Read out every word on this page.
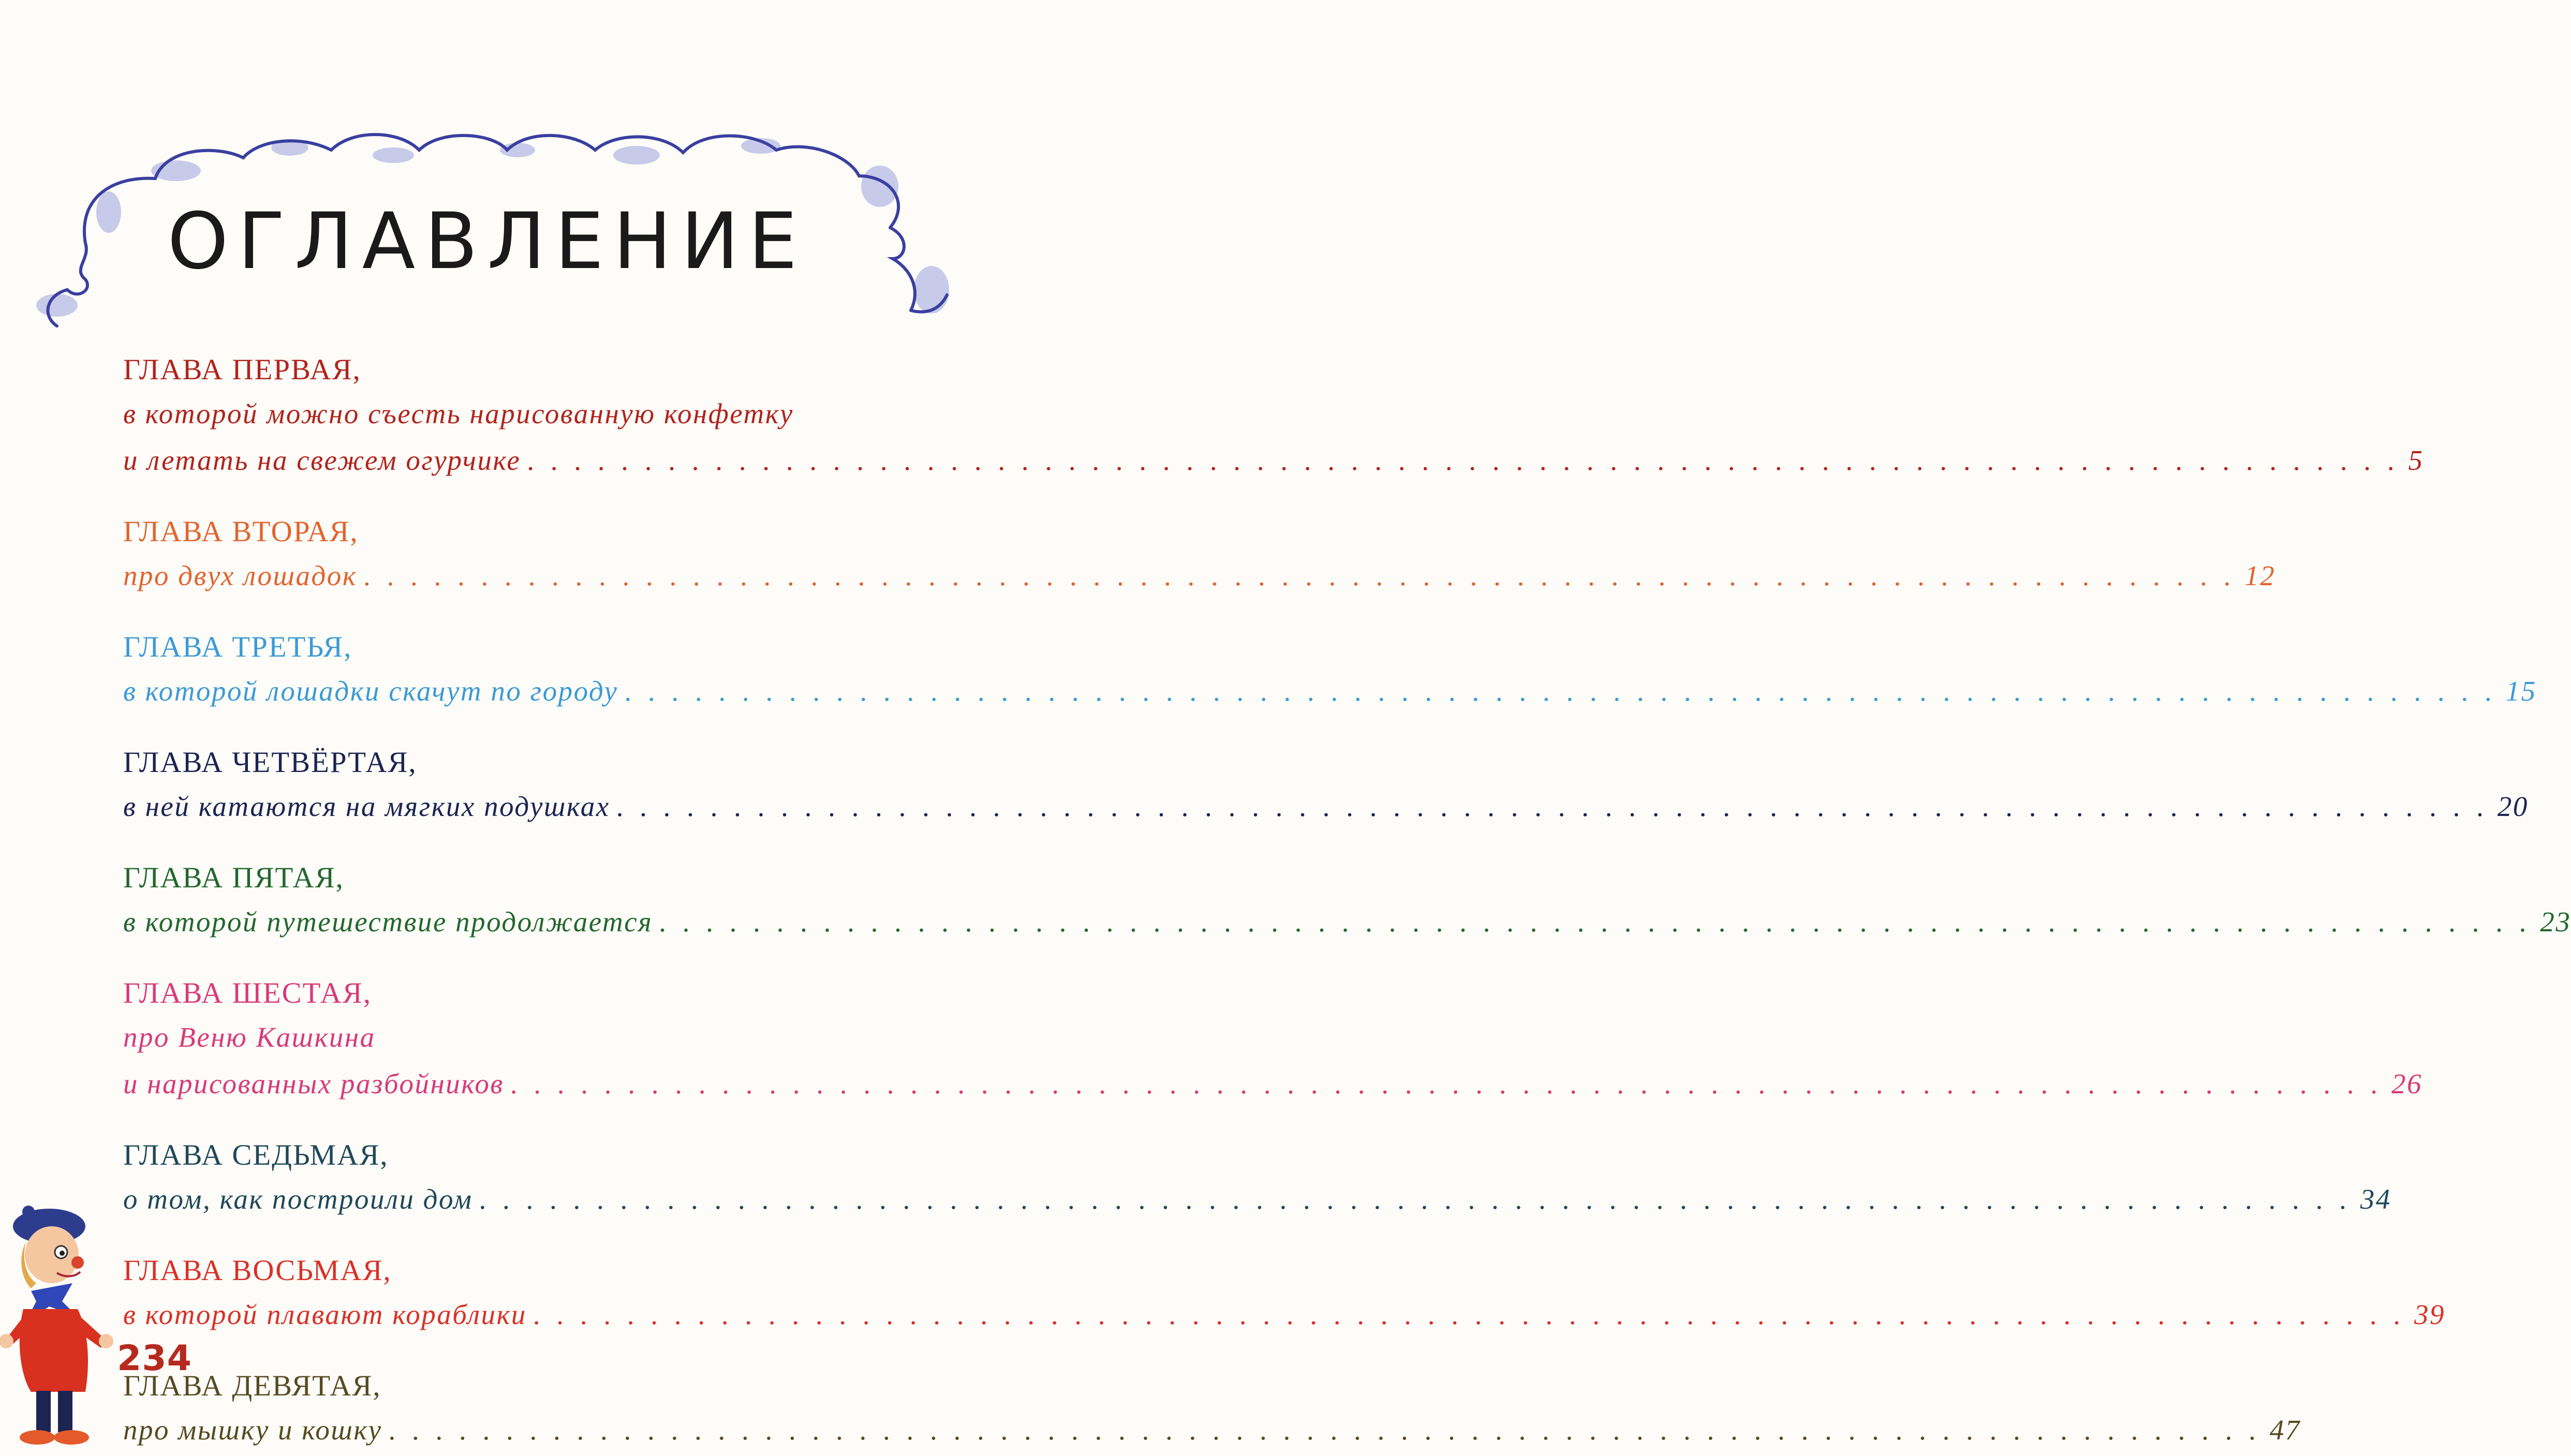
ОГЛАВЛЕНИЕ
ГЛАВА ПЕРВАЯ,
в которой можно съесть нарисованную конфетку
и летать на свежем огурчике . . . . . . . . . . . . . . . . . . . . . . . . . . . . . . . . . . . . . . . . . . . . . . . . . . . . . . . . . . . . . . . . . . . . . . . . . . . . . . . . 5
ГЛАВА ВТОРАЯ,
про двух лошадок . . . . . . . . . . . . . . . . . . . . . . . . . . . . . . . . . . . . . . . . . . . . . . . . . . . . . . . . . . . . . . . . . . . . . . . . . . . . . . . . 12
ГЛАВА ТРЕТЬЯ,
в которой лошадки скачут по городу . . . . . . . . . . . . . . . . . . . . . . . . . . . . . . . . . . . . . . . . . . . . . . . . . . . . . . . . . . . . . . . . . . . . . . . . . . . . . . . . 15
ГЛАВА ЧЕТВЁРТАЯ,
в ней катаются на мягких подушках . . . . . . . . . . . . . . . . . . . . . . . . . . . . . . . . . . . . . . . . . . . . . . . . . . . . . . . . . . . . . . . . . . . . . . . . . . . . . . . . 20
ГЛАВА ПЯТАЯ,
в которой путешествие продолжается . . . . . . . . . . . . . . . . . . . . . . . . . . . . . . . . . . . . . . . . . . . . . . . . . . . . . . . . . . . . . . . . . . . . . . . . . . . . . . . . 23
ГЛАВА ШЕСТАЯ,
про Веню Кашкина
и нарисованных разбойников . . . . . . . . . . . . . . . . . . . . . . . . . . . . . . . . . . . . . . . . . . . . . . . . . . . . . . . . . . . . . . . . . . . . . . . . . . . . . . . . 26
ГЛАВА СЕДЬМАЯ,
о том, как построили дом . . . . . . . . . . . . . . . . . . . . . . . . . . . . . . . . . . . . . . . . . . . . . . . . . . . . . . . . . . . . . . . . . . . . . . . . . . . . . . . . 34
ГЛАВА ВОСЬМАЯ,
в которой плавают кораблики . . . . . . . . . . . . . . . . . . . . . . . . . . . . . . . . . . . . . . . . . . . . . . . . . . . . . . . . . . . . . . . . . . . . . . . . . . . . . . . . 39
ГЛАВА ДЕВЯТАЯ,
про мышку и кошку . . . . . . . . . . . . . . . . . . . . . . . . . . . . . . . . . . . . . . . . . . . . . . . . . . . . . . . . . . . . . . . . . . . . . . . . . . . . . . . . 47
234
